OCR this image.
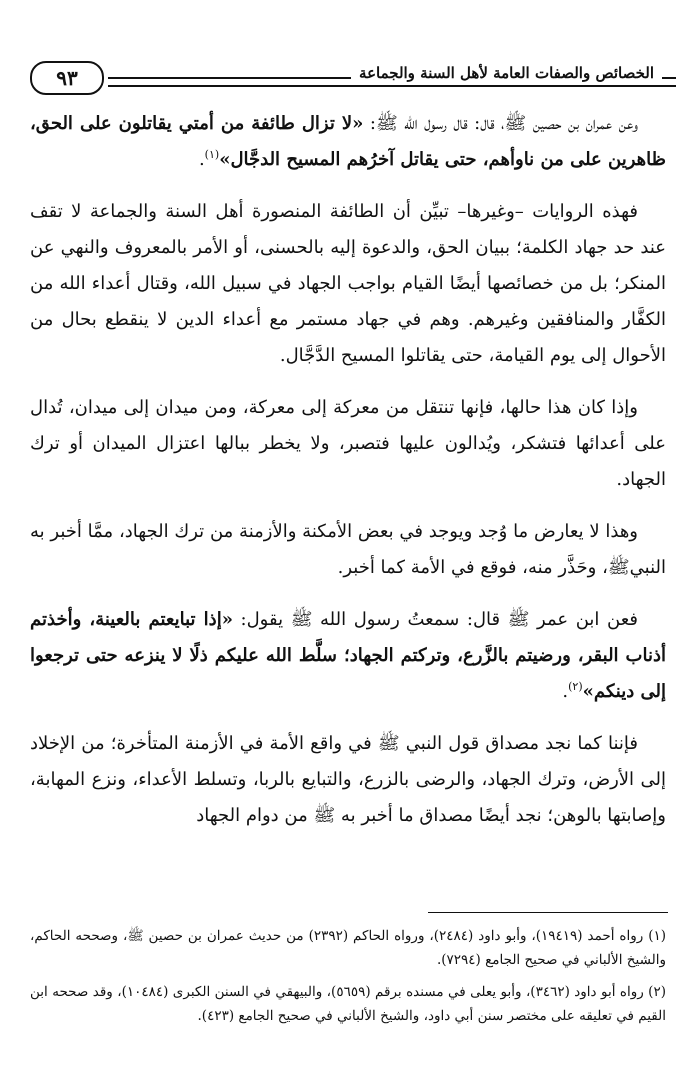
الخصائص والصفات العامة لأهل السنة والجماعة
٩٣

وعن عمران بن حصين ﷺ، قال: قال رسول الله ﷺ: «لا تزال طائفة من أمتي يقاتلون على الحق، ظاهرين على من ناوأهم، حتى يقاتل آخرُهم المسيح الدجَّال»$^{(١)}$.

فهذه الروايات –وغيرها– تبيِّن أن الطائفة المنصورة أهل السنة والجماعة لا تقف عند حد جهاد الكلمة؛ ببيان الحق، والدعوة إليه بالحسنى، أو الأمر بالمعروف والنهي عن المنكر؛ بل من خصائصها أيضًا القيام بواجب الجهاد في سبيل الله، وقتال أعداء الله من الكفَّار والمنافقين وغيرهم. وهم في جهاد مستمر مع أعداء الدين لا ينقطع بحال من الأحوال إلى يوم القيامة، حتى يقاتلوا المسيح الدَّجَّال.

وإذا كان هذا حالها، فإنها تنتقل من معركة إلى معركة، ومن ميدان إلى ميدان، تُدال على أعدائها فتشكر، ويُدالون عليها فتصبر، ولا يخطر ببالها اعتزال الميدان أو ترك الجهاد.

وهذا لا يعارض ما وُجد ويوجد في بعض الأمكنة والأزمنة من ترك الجهاد، ممَّا أخبر به النبيﷺ، وحَذَّر منه، فوقع في الأمة كما أخبر.

فعن ابن عمر ﷺ قال: سمعتُ رسول الله ﷺ يقول: «إذا تبايعتم بالعينة، وأخذتم أذناب البقر، ورضيتم بالزَّرع، وتركتم الجهاد؛ سلَّط الله عليكم ذلًا لا ينزعه حتى ترجعوا إلى دينكم»$^{(٢)}$.

فإننا كما نجد مصداق قول النبي ﷺ في واقع الأمة في الأزمنة المتأخرة؛ من الإخلاد إلى الأرض، وترك الجهاد، والرضى بالزرع، والتبايع بالربا، وتسلط الأعداء، ونزع المهابة، وإصابتها بالوهن؛ نجد أيضًا مصداق ما أخبر به ﷺ من دوام الجهاد

(١) رواه أحمد (١٩٤١٩)، وأبو داود (٢٤٨٤)، ورواه الحاكم (٢٣٩٢) من حديث عمران بن حصين ﷺ، وصححه الحاكم، والشيخ الألباني في صحيح الجامع (٧٢٩٤).

(٢) رواه أبو داود (٣٤٦٢)، وأبو يعلى في مسنده برقم (٥٦٥٩)، والبيهقي في السنن الكبرى (١٠٤٨٤)، وقد صححه ابن القيم في تعليقه على مختصر سنن أبي داود، والشيخ الألباني في صحيح الجامع (٤٢٣).
